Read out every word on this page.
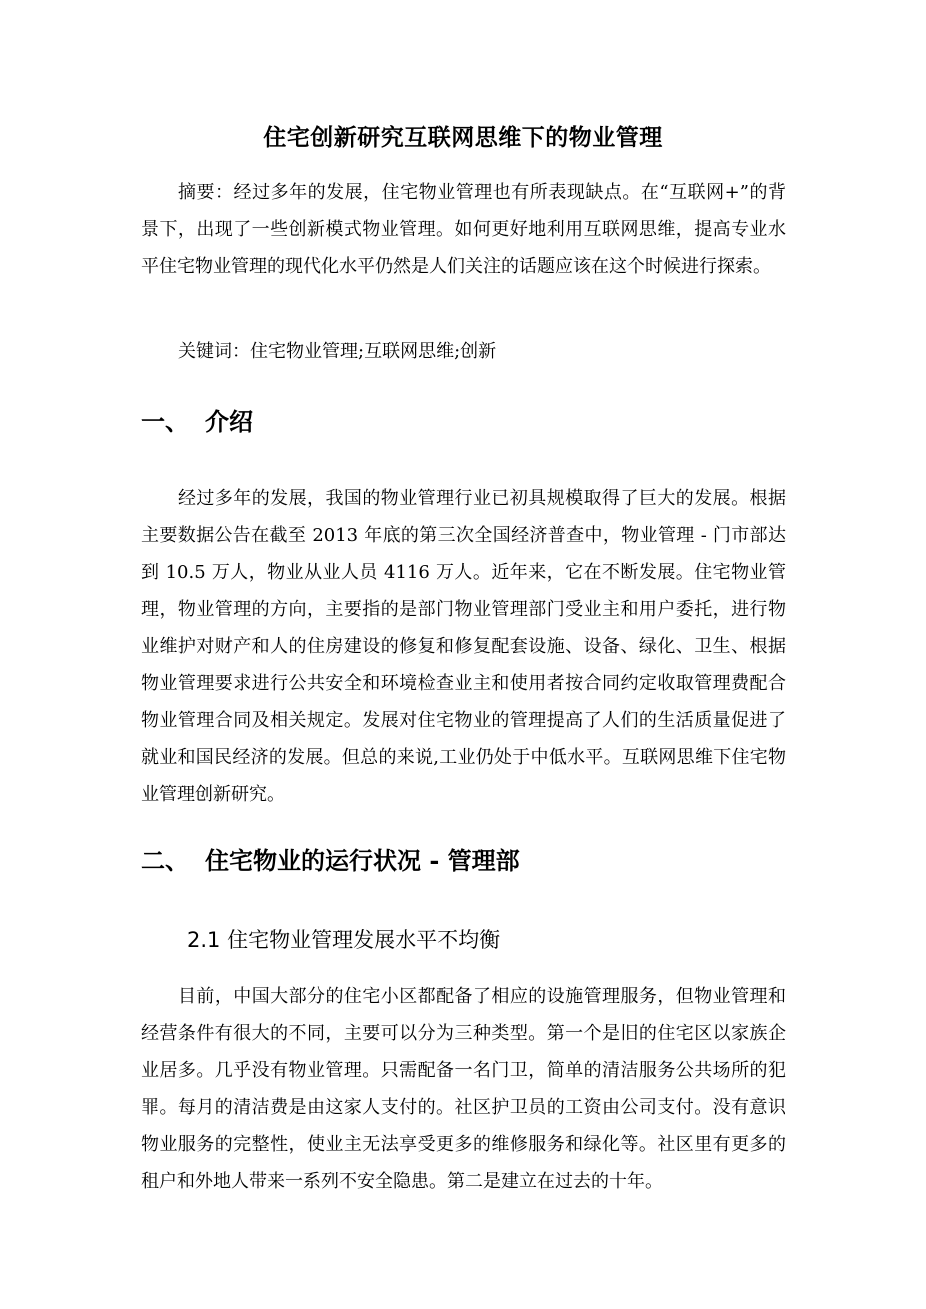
住宅创新研究互联网思维下的物业管理

摘要：经过多年的发展，住宅物业管理也有所表现缺点。在“互联网+”的背景下，出现了一些创新模式物业管理。如何更好地利用互联网思维，提高专业水平住宅物业管理的现代化水平仍然是人们关注的话题应该在这个时候进行探索。

关键词：住宅物业管理;互联网思维;创新

一、 介绍

经过多年的发展，我国的物业管理行业已初具规模取得了巨大的发展。根据主要数据公告在截至 2013 年底的第三次全国经济普查中，物业管理 - 门市部达到 10.5 万人，物业从业人员 4116 万人。近年来，它在不断发展。住宅物业管理，物业管理的方向，主要指的是部门物业管理部门受业主和用户委托，进行物业维护对财产和人的住房建设的修复和修复配套设施、设备、绿化、卫生、根据物业管理要求进行公共安全和环境检查业主和使用者按合同约定收取管理费配合物业管理合同及相关规定。发展对住宅物业的管理提高了人们的生活质量促进了就业和国民经济的发展。但总的来说,工业仍处于中低水平。互联网思维下住宅物业管理创新研究。

二、 住宅物业的运行状况 - 管理部
2.1 住宅物业管理发展水平不均衡

目前，中国大部分的住宅小区都配备了相应的设施管理服务，但物业管理和经营条件有很大的不同，主要可以分为三种类型。第一个是旧的住宅区以家族企业居多。几乎没有物业管理。只需配备一名门卫，简单的清洁服务公共场所的犯罪。每月的清洁费是由这家人支付的。社区护卫员的工资由公司支付。没有意识物业服务的完整性，使业主无法享受更多的维修服务和绿化等。社区里有更多的租户和外地人带来一系列不安全隐患。第二是建立在过去的十年。
